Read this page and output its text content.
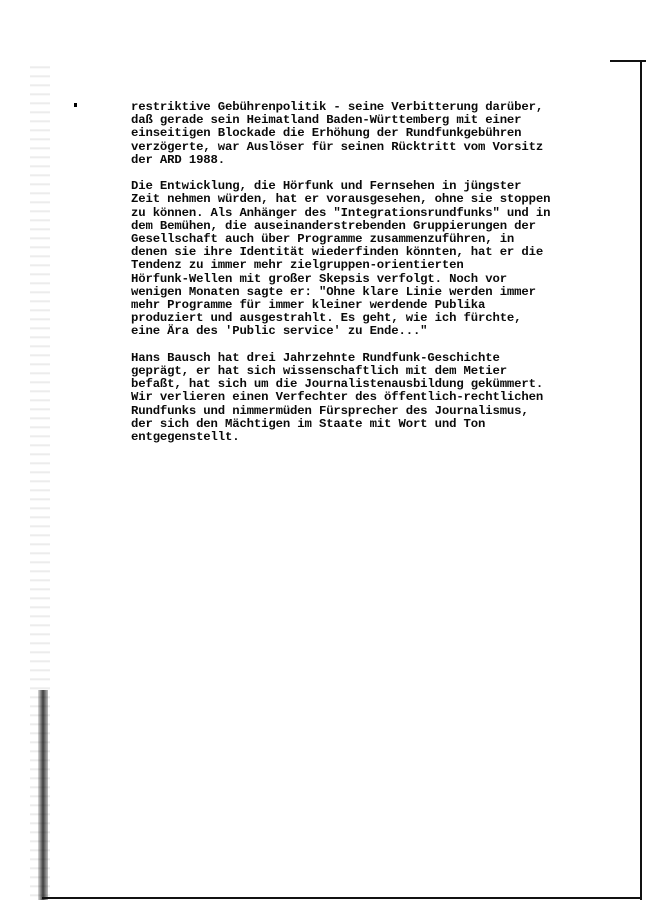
restriktive Gebührenpolitik - seine Verbitterung darüber,
daß gerade sein Heimatland Baden-Württemberg mit einer
einseitigen Blockade die Erhöhung der Rundfunkgebühren
verzögerte, war Auslöser für seinen Rücktritt vom Vorsitz
der ARD 1988.
Die Entwicklung, die Hörfunk und Fernsehen in jüngster
Zeit nehmen würden, hat er vorausgesehen, ohne sie stoppen
zu können. Als Anhänger des "Integrationsrundfunks" und in
dem Bemühen, die auseinanderstrebenden Gruppierungen der
Gesellschaft auch über Programme zusammenzuführen, in
denen sie ihre Identität wiederfinden könnten, hat er die
Tendenz zu immer mehr zielgruppen-orientierten
Hörfunk-Wellen mit großer Skepsis verfolgt. Noch vor
wenigen Monaten sagte er: "Ohne klare Linie werden immer
mehr Programme für immer kleiner werdende Publika
produziert und ausgestrahlt. Es geht, wie ich fürchte,
eine Ära des 'Public service' zu Ende..."
Hans Bausch hat drei Jahrzehnte Rundfunk-Geschichte
geprägt, er hat sich wissenschaftlich mit dem Metier
befaßt, hat sich um die Journalistenausbildung gekümmert.
Wir verlieren einen Verfechter des öffentlich-rechtlichen
Rundfunks und nimmermüden Fürsprecher des Journalismus,
der sich den Mächtigen im Staate mit Wort und Ton
entgegenstellt.
